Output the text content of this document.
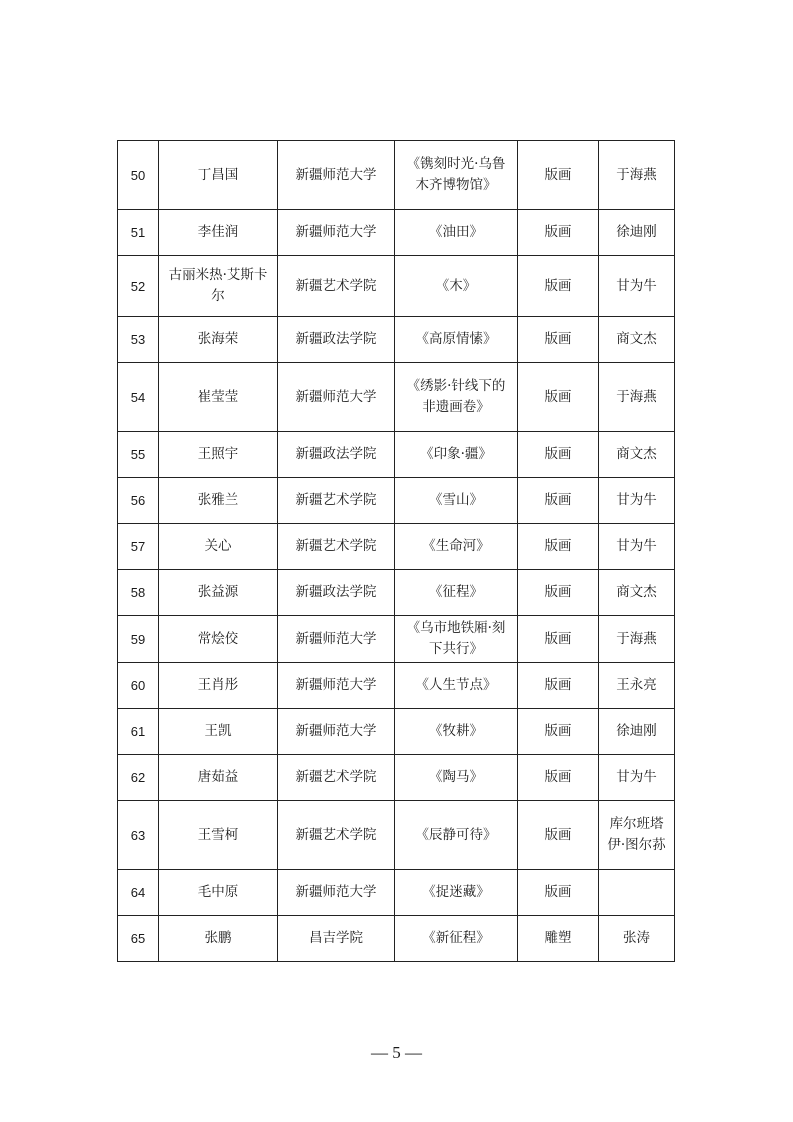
50	丁昌国	新疆师范大学	《镌刻时光·乌鲁木齐博物馆》	版画	于海燕
51	李佳润	新疆师范大学	《油田》	版画	徐迪刚
52	古丽米热·艾斯卡尔	新疆艺术学院	《木》	版画	甘为牛
53	张海荣	新疆政法学院	《高原情愫》	版画	商文杰
54	崔莹莹	新疆师范大学	《绣影·针线下的非遗画卷》	版画	于海燕
55	王照宇	新疆政法学院	《印象·疆》	版画	商文杰
56	张雅兰	新疆艺术学院	《雪山》	版画	甘为牛
57	关心	新疆艺术学院	《生命河》	版画	甘为牛
58	张益源	新疆政法学院	《征程》	版画	商文杰
59	常烩佼	新疆师范大学	《乌市地铁厢·刻下共行》	版画	于海燕
60	王肖彤	新疆师范大学	《人生节点》	版画	王永亮
61	王凯	新疆师范大学	《牧耕》	版画	徐迪刚
62	唐茹益	新疆艺术学院	《陶马》	版画	甘为牛
63	王雪柯	新疆艺术学院	《辰静可待》	版画	库尔班塔伊·图尔荪
64	毛中原	新疆师范大学	《捉迷藏》	版画	
65	张鹏	昌吉学院	《新征程》	雕塑	张涛
— 5 —
